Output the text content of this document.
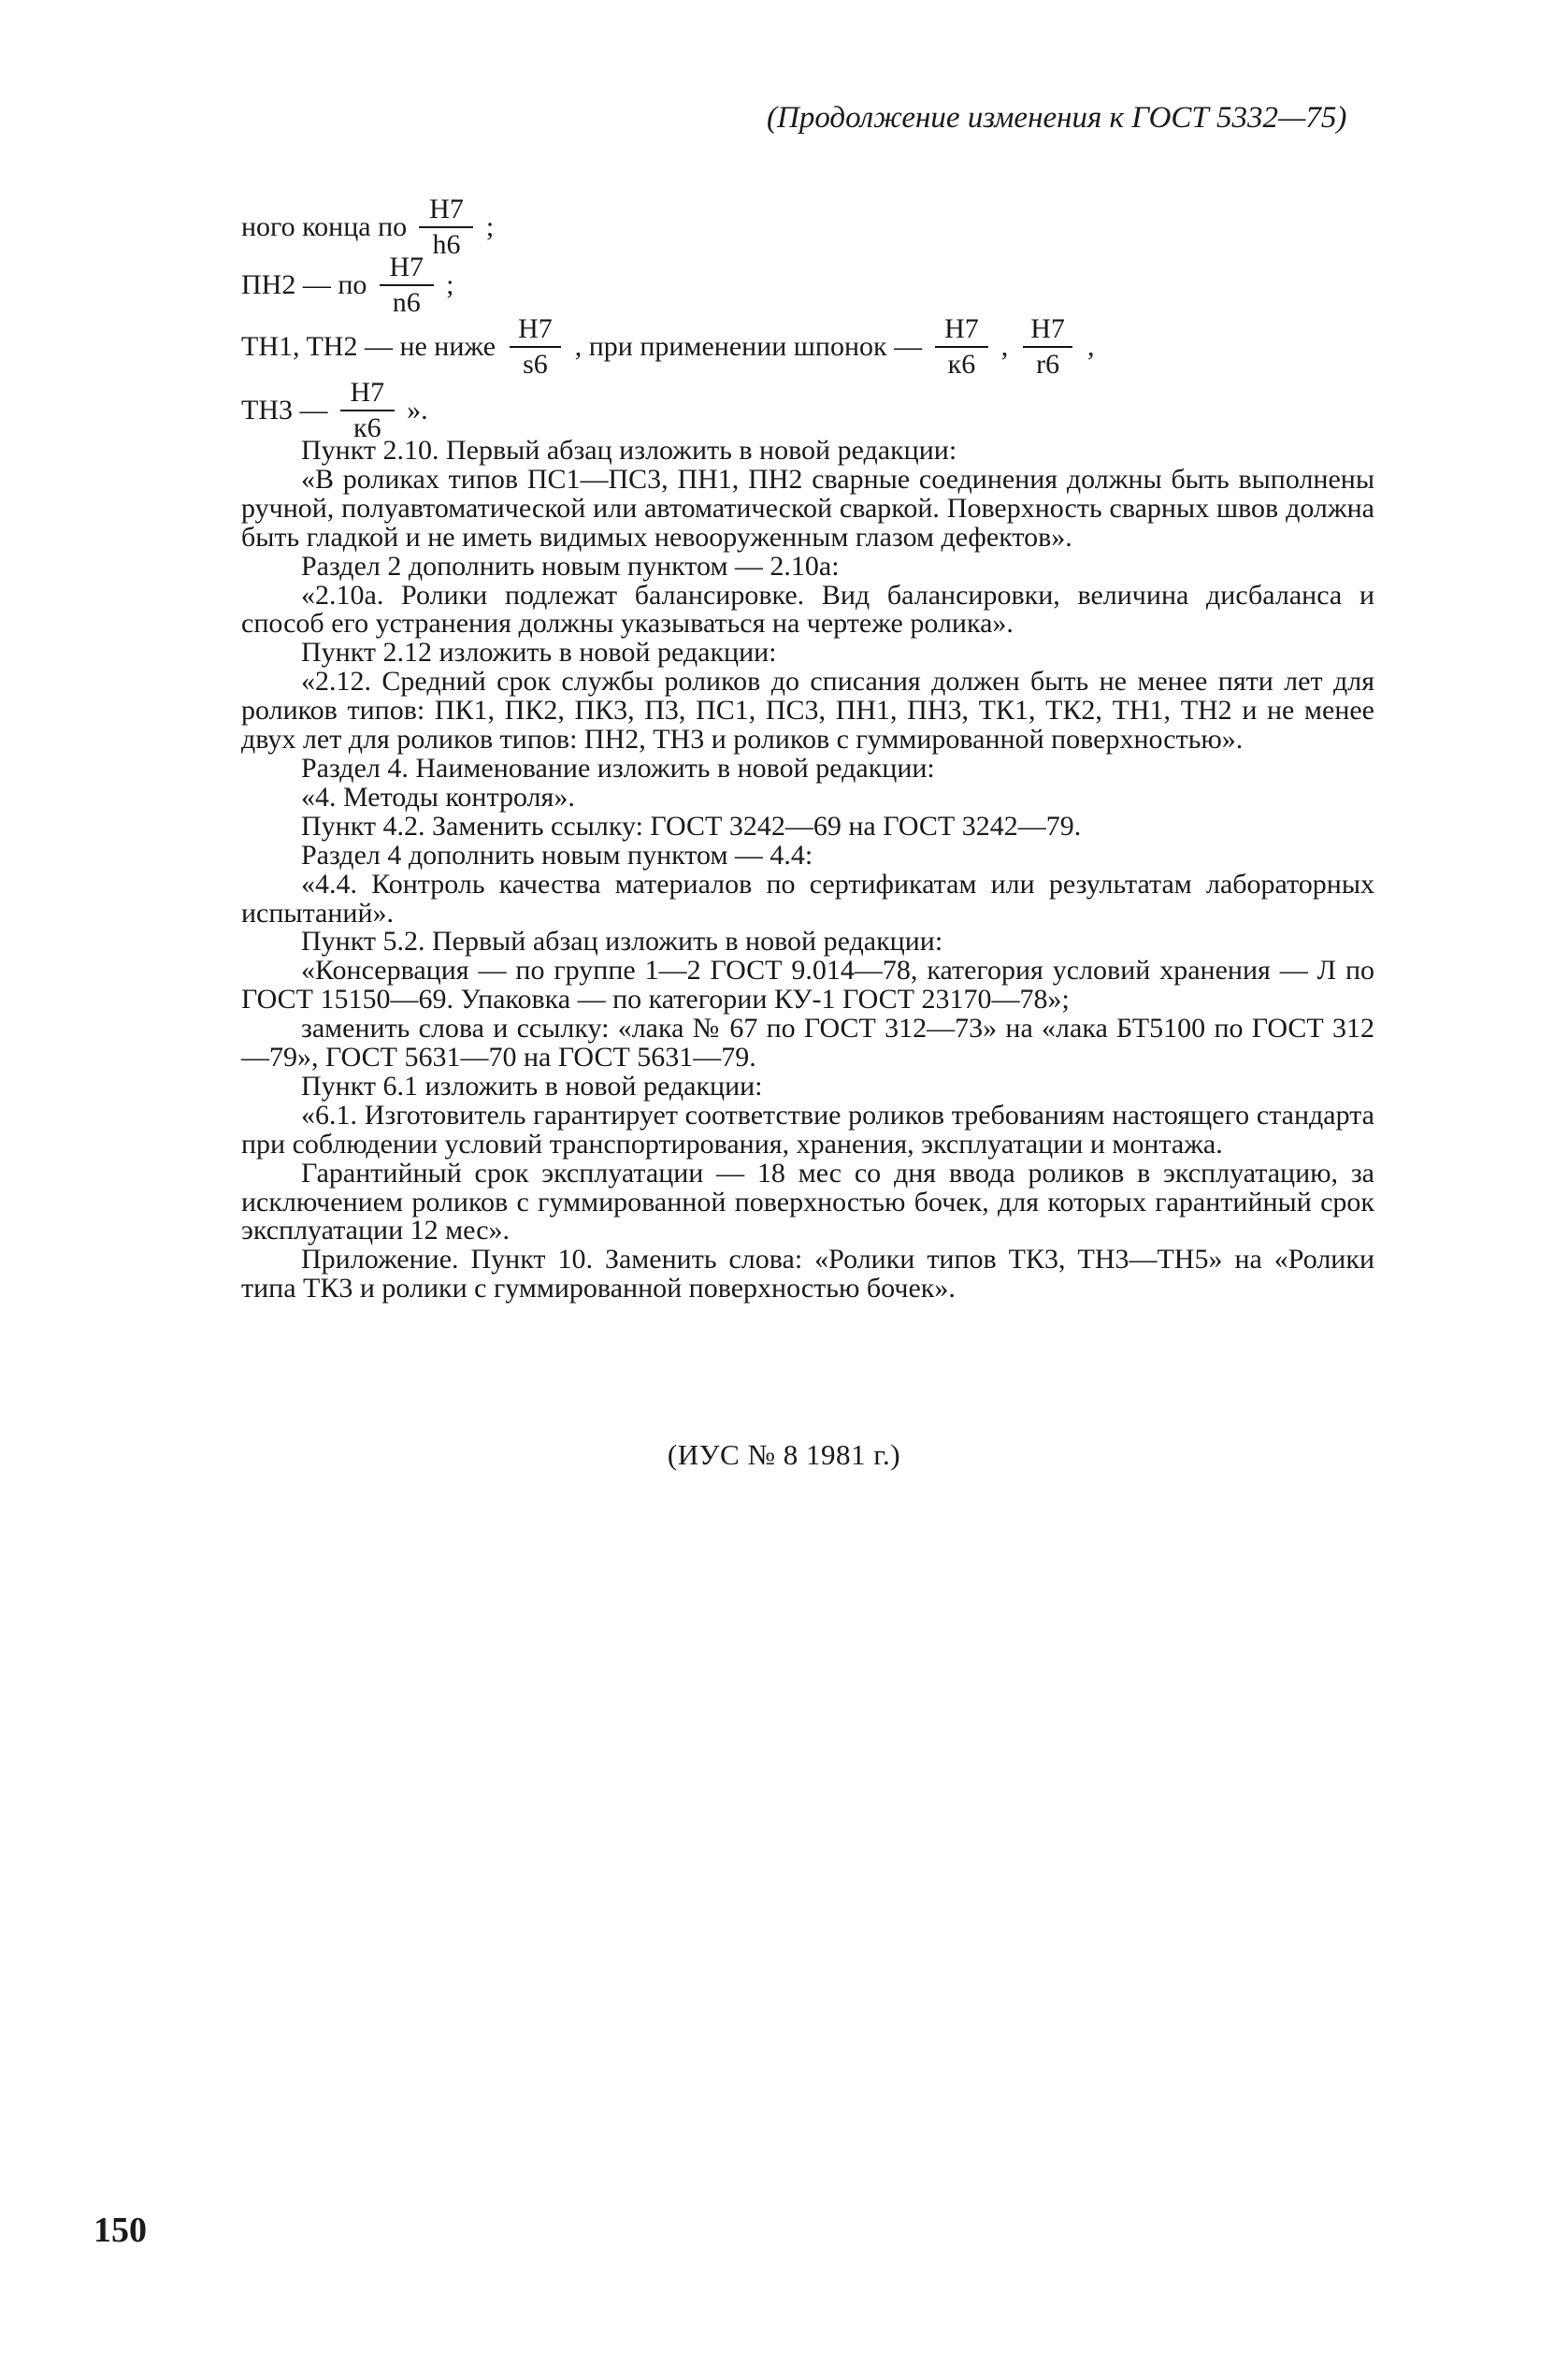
(Продолжение изменения к ГОСТ 5332—75)
ного конца по $\frac{H7}{h6}$ ;
ПН2 — по $\frac{H7}{n6}$ ;
TH1, TH2 — не ниже $\frac{H7}{s6}$ , при применении шпонок — $\frac{H7}{к6}$ , $\frac{H7}{r6}$ ,
TH3 — $\frac{H7}{к6}$ ».

Пункт 2.10. Первый абзац изложить в новой редакции:

«В роликах типов ПС1—ПС3, ПН1, ПН2 сварные соединения должны быть выполнены ручной, полуавтоматической или автоматической сваркой. Поверхность сварных швов должна быть гладкой и не иметь видимых невооруженным глазом дефектов».

Раздел 2 дополнить новым пунктом — 2.10а:

«2.10а. Ролики подлежат балансировке. Вид балансировки, величина дисбаланса и способ его устранения должны указываться на чертеже ролика».

Пункт 2.12 изложить в новой редакции:

«2.12. Средний срок службы роликов до списания должен быть не менее пяти лет для роликов типов: ПК1, ПК2, ПК3, П3, ПС1, ПС3, ПН1, ПН3, ТК1, ТК2, ТН1, ТН2 и не менее двух лет для роликов типов: ПН2, ТН3 и роликов с гуммированной поверхностью».

Раздел 4. Наименование изложить в новой редакции:

«4. Методы контроля».

Пункт 4.2. Заменить ссылку: ГОСТ 3242—69 на ГОСТ 3242—79.

Раздел 4 дополнить новым пунктом — 4.4:

«4.4. Контроль качества материалов по сертификатам или результатам лабораторных испытаний».

Пункт 5.2. Первый абзац изложить в новой редакции:

«Консервация — по группе 1—2 ГОСТ 9.014—78, категория условий хранения — Л по ГОСТ 15150—69. Упаковка — по категории КУ-1 ГОСТ 23170—78»;

заменить слова и ссылку: «лака № 67 по ГОСТ 312—73» на «лака БТ5100 по ГОСТ 312—79», ГОСТ 5631—70 на ГОСТ 5631—79.

Пункт 6.1 изложить в новой редакции:

«6.1. Изготовитель гарантирует соответствие роликов требованиям настоящего стандарта при соблюдении условий транспортирования, хранения, эксплуатации и монтажа.

Гарантийный срок эксплуатации — 18 мес со дня ввода роликов в эксплуатацию, за исключением роликов с гуммированной поверхностью бочек, для которых гарантийный срок эксплуатации 12 мес».

Приложение. Пункт 10. Заменить слова: «Ролики типов ТК3, ТН3—ТН5» на «Ролики типа ТК3 и ролики с гуммированной поверхностью бочек».

(ИУС № 8 1981 г.)
150
